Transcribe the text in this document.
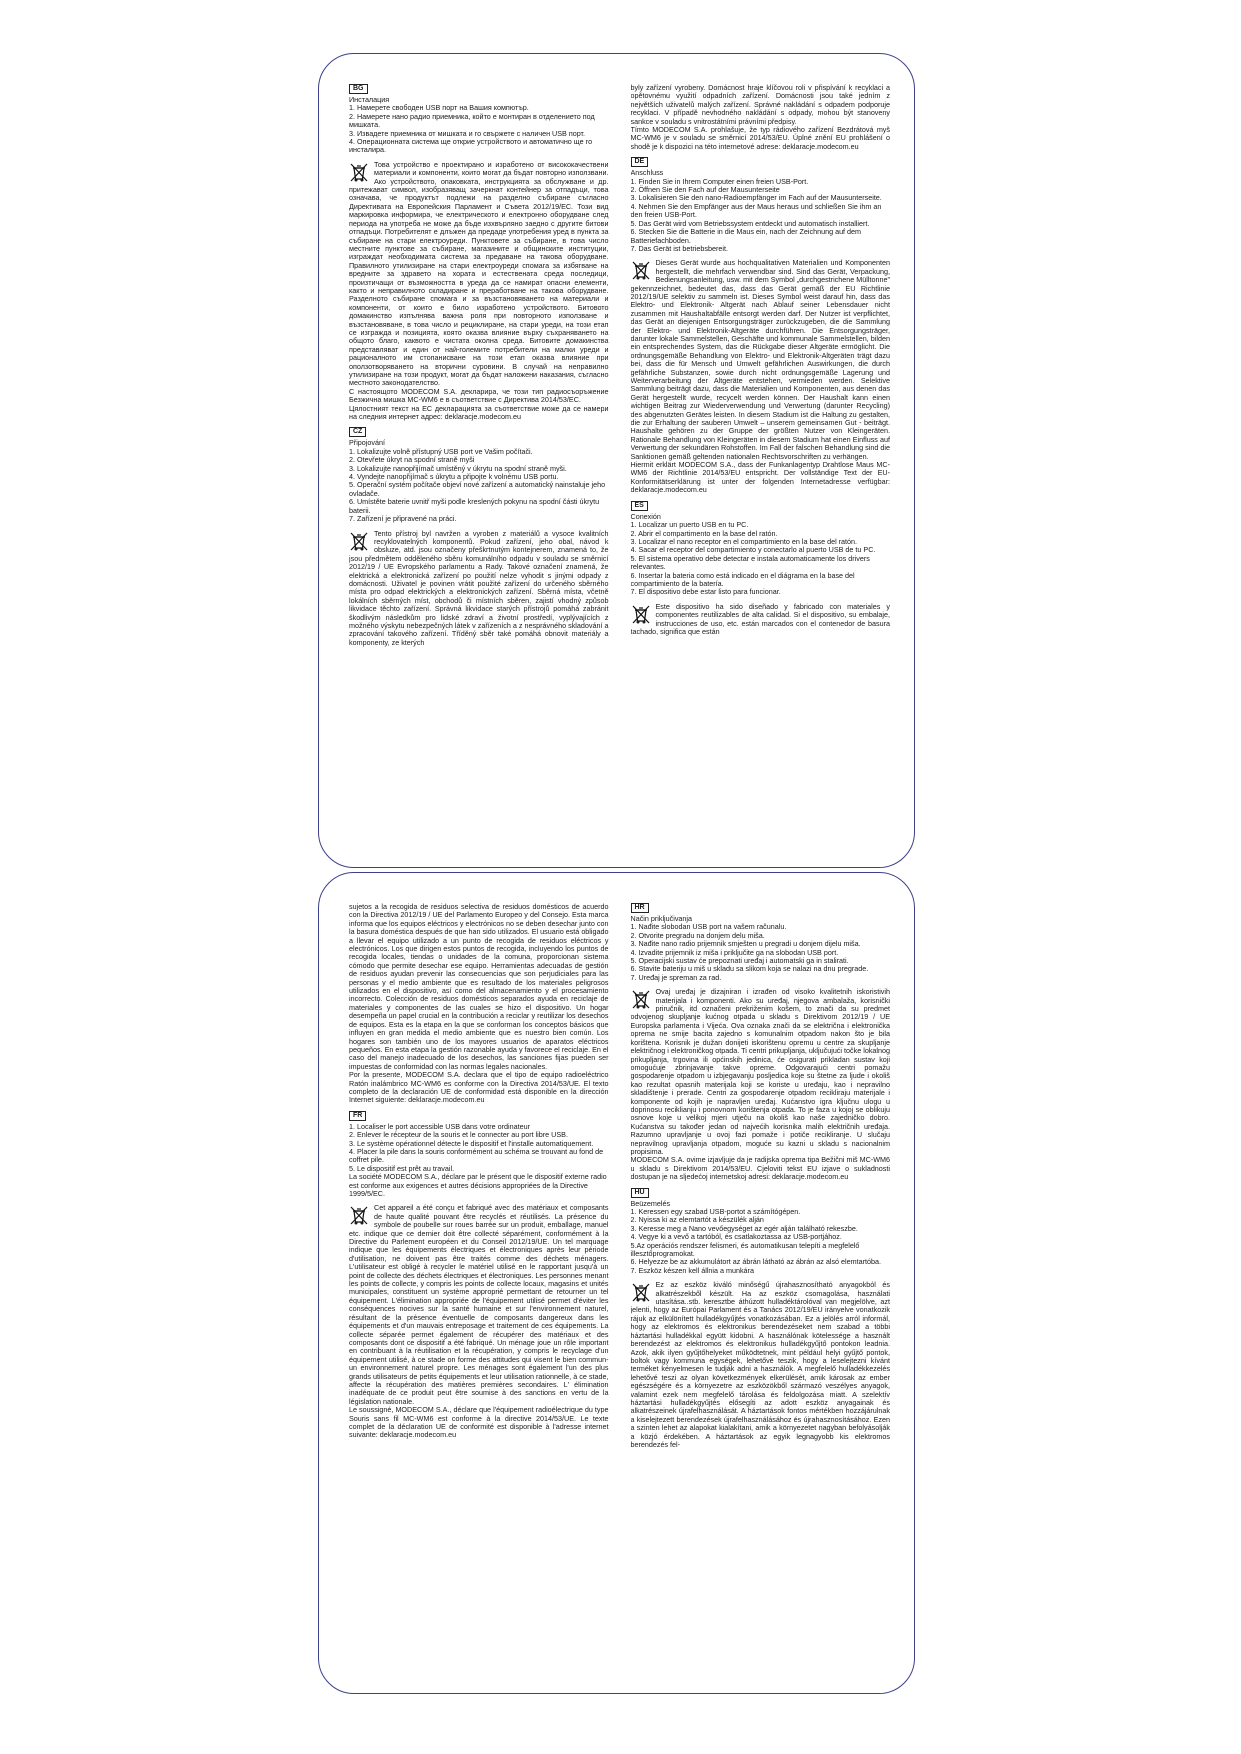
BG
Инсталация
1. Намерете свободен USB порт на Вашия компютър.
2. Намерете нано радио приемника, който е монтиран в отделението под мишката.
3. Извадете приемника от мишката и го свържете с наличен USB порт.
4. Операционната система ще открие устройството и автоматично ще го инсталира.

Това устройство е проектирано и изработено от висококачествени материали и компоненти, които могат да бъдат повторно използвани. Ако устройството, опаковката, инструкцията за обслужване и др. притежават символ, изобразяващ зачеркнат контейнер за отпадъци, това означава, че продуктът подлежи на разделно събиране съгласно Директивата на Европейския Парламент и Съвета 2012/19/EC. Този вид маркировка информира, че електрическото и електронно оборудване след периода на употреба не може да бъде изхвърляно заедно с другите битови отпадъци. Потребителят е длъжен да предаде употребения уред в пункта за събиране на стари електроуреди. Пунктовете за събиране, в това число местните пунктове за събиране, магазините и общинските институции, изграждат необходимата система за предаване на такова оборудване. Правилното утилизиране на стари електроуреди спомага за избягване на вредните за здравето на хората и естествената среда последици, произтичащи от възможността в уреда да се намират опасни елементи, както и неправилното складиране и преработване на такова оборудване. Разделното събиране спомага и за възстановяването на материали и компоненти, от които е било изработено устройството. Битовото домакинство изпълнява важна роля при повторното използване и възстановяване, в това число и рециклиране, на стари уреди, на този етап се изгражда и позицията, която оказва влияние върху съхраняването на общото благо, каквото е чистата околна среда. Битовите домакинства представляват и един от най-големите потребители на малки уреди и рационалното им стопанисване на този етап оказва влияние при оползотворяването на вторични суровини. В случай на неправилно утилизиране на този продукт, могат да бъдат наложени наказания, съгласно местното законодателство.
С настоящото MODECOM S.A. декларира, че този тип радиосъоръжение Безжична мишка MC-WM6 е в съответствие с Директива 2014/53/ЕС.
Цялостният текст на ЕС декларацията за съответствие може да се намери на следния интернет адрес: deklaracje.modecom.eu

CZ
Připojování
1. Lokalizujte volně přístupný USB port ve Vašim počítači.
2. Otevřete úkryt na spodní straně myši
3. Lokalizujte nanopřijímač umístěný v úkrytu na spodní straně myši.
4. Vyndejte nanopřijímač s úkrytu a připojte k volnému USB portu.
5. Operační systém počítače objeví nové zařízení a automatický nainstaluje jeho ovladače.
6. Umístěte baterie uvnitř myši podle kreslených pokynu na spodní části úkrytu baterii.
7. Zařízení je připravené na práci.

Tento přístroj byl navržen a vyroben z materiálů a vysoce kvalitních recyklovatelných komponentů. Pokud zařízení, jeho obal, návod k obsluze, atd. jsou označeny přeškrtnutým kontejnerem, znamená to, že jsou předmětem odděleného sběru komunálního odpadu v souladu se směrnicí 2012/19 / UE Evropského parlamentu a Rady. Takové označení znamená, že elektrická a elektronická zařízení po použití nelze vyhodit s jinými odpady z domácnosti. Uživatel je povinen vrátit použité zařízení do určeného sběrného místa pro odpad elektrických a elektronických zařízení. Sběrná místa, včetně lokálních sběrných míst, obchodů či místních sběren, zajistí vhodný způsob likvidace těchto zařízení. Správná likvidace starých přístrojů pomáhá zabránit škodlivým následkům pro lidské zdraví a životní prostředí, vyplývajících z možného výskytu nebezpečných látek v zařízeních a z nesprávného skladování a zpracování takového zařízení. Tříděný sběr také pomáhá obnovit materiály a komponenty, ze kterých

byly zařízení vyrobeny. Domácnost hraje klíčovou roli v přispívání k recyklaci a opětovnému využití odpadních zařízení. Domácnosti jsou také jedním z největších uživatelů malých zařízení. Správné nakládání s odpadem podporuje recyklaci. V případě nevhodného nakládání s odpady, mohou být stanoveny sankce v souladu s vnitrostátními právními předpisy.
Tímto MODECOM S.A. prohlašuje, že typ rádiového zařízení Bezdrátová myš MC-WM6 je v souladu se směrnicí 2014/53/EU. Úplné znění EU prohlášení o shodě je k dispozici na této internetové adrese: deklaracje.modecom.eu
DE
Anschluss
1. Finden Sie in Ihrem Computer einen freien USB-Port.
2. Öffnen Sie den Fach auf der Mausunterseite
3. Lokalisieren Sie den nano-Radioempfänger im Fach auf der Mausunterseite.
4. Nehmen Sie den Empfänger aus der Maus heraus und schließen Sie ihm an den freien USB-Port.
5. Das Gerät wird vom Betriebssystem entdeckt und automatisch installiert.
6. Stecken Sie die Batterie in die Maus ein, nach der Zeichnung auf dem Batteriefachboden.
7. Das Gerät ist betriebsbereit.

Dieses Gerät wurde aus hochqualitativen Materialien und Komponenten hergestellt, die mehrfach verwendbar sind. Sind das Gerät, Verpackung, Bedienungsanleitung, usw. mit dem Symbol „durchgestrichene Mülltonne" gekennzeichnet, bedeutet das, dass das Gerät gemäß der EU Richtlinie 2012/19/UE selektiv zu sammeln ist. Dieses Symbol weist darauf hin, dass das Elektro- und Elektronik- Altgerät nach Ablauf seiner Lebensdauer nicht zusammen mit Haushaltabfälle entsorgt werden darf. Der Nutzer ist verpflichtet, das Gerät an diejenigen Entsorgungsträger zurückzugeben, die die Sammlung der Elektro- und Elektronik-Altgeräte durchführen. Die Entsorgungsträger, darunter lokale Sammelstellen, Geschäfte und kommunale Sammelstellen, bilden ein entsprechendes System, das die Rückgabe dieser Altgeräte ermöglicht. Die ordnungsgemäße Behandlung von Elektro- und Elektronik-Altgeräten trägt dazu bei, dass die für Mensch und Umwelt gefährlichen Auswirkungen, die durch gefährliche Substanzen, sowie durch nicht ordnungsgemäße Lagerung und Weiterverarbeitung der Altgeräte entstehen, vermieden werden. Selektive Sammlung beiträgt dazu, dass die Materialien und Komponenten, aus denen das Gerät hergestellt wurde, recycelt werden können. Der Haushalt kann einen wichtigen Beitrag zur Wiederverwendung und Verwertung (darunter Recycling) des abgenutzten Gerätes leisten. In diesem Stadium ist die Haltung zu gestalten, die zur Erhaltung der sauberen Umwelt – unserem gemeinsamen Gut - beiträgt. Haushalte gehören zu der Gruppe der größten Nutzer von Kleingeräten. Rationale Behandlung von Kleingeräten in diesem Stadium hat einen Einfluss auf Verwertung der sekundären Rohstoffen. Im Fall der falschen Behandlung sind die Sanktionen gemäß geltenden nationalen Rechtsvorschriften zu verhängen.
Hiermit erklärt MODECOM S.A., dass der Funkanlagentyp Drahtlose Maus MC-WM6 der Richtlinie 2014/53/EU entspricht. Der vollständige Text der EU-Konformitätserklärung ist unter der folgenden Internetadresse verfügbar: deklaracje.modecom.eu

ES
Conexión
1. Localizar un puerto USB en tu PC.
2. Abrir el compartimento en la base del ratón.
3. Localizar el nano receptor en el compartimiento en la base del ratón.
4. Sacar el receptor del compartimiento y conectarlo al puerto USB de tu PC.
5. El sistema operativo debe detectar e instala automaticamente los drivers relevantes.
6. Insertar la bateria como está indicado en el diágrama en la base del compartimiento de la batería.
7. El dispositivo debe estar listo para funcionar.

Este dispositivo ha sido diseñado y fabricado con materiales y componentes reutilizables de alta calidad. Si el dispositivo, su embalaje, instrucciones de uso, etc. están marcados con el contenedor de basura tachado, significa que están

sujetos a la recogida de residuos selectiva de residuos domésticos de acuerdo con la Directiva 2012/19 / UE del Parlamento Europeo y del Consejo. Esta marca informa que los equipos eléctricos y electrónicos no se deben desechar junto con la basura doméstica después de que han sido utilizados. El usuario está obligado a llevar el equipo utilizado a un punto de recogida de residuos eléctricos y electrónicos. Los que dirigen estos puntos de recogida, incluyendo los puntos de recogida locales, tiendas o unidades de la comuna, proporcionan sistema cómodo que permite desechar ese equipo. Herramientas adecuadas de gestión de residuos ayudan prevenir las consecuencias que son perjudiciales para las personas y el medio ambiente que es resultado de los materiales peligrosos utilizados en el dispositivo, así como del almacenamiento y el procesamiento incorrecto. Colección de residuos domésticos separados ayuda en reciclaje de materiales y componentes de las cuales se hizo el dispositivo. Un hogar desempeña un papel crucial en la contribución a reciclar y reutilizar los desechos de equipos. Esta es la etapa en la que se conforman los conceptos básicos que influyen en gran medida el medio ambiente que es nuestro bien común. Los hogares son también uno de los mayores usuarios de aparatos eléctricos pequeños. En esta etapa la gestión razonable ayuda y favorece el reciclaje. En el caso del manejo inadecuado de los desechos, las sanciones fijas pueden ser impuestas de conformidad con las normas legales nacionales.
Por la presente, MODECOM S.A. declara que el tipo de equipo radioeléctrico Ratón inalámbrico MC-WM6 es conforme con la Directiva 2014/53/UE. El texto completo de la declaración UE de conformidad está disponible en la dirección Internet siguiente: deklaracje.modecom.eu
FR
1. Localiser le port accessible USB dans votre ordinateur
2. Enlever le récepteur de la souris et le connecter au port libre USB.
3. Le système opérationnel détecte le dispositif et l'installe automatiquement.
4. Placer la pile dans la souris conformément au schéma se trouvant au fond de coffret pile.
5. Le dispositif est prêt au travail.
La société MODECOM S.A., déclare par le présent que le dispositif externe radio est conforme aux exigences et autres décisions appropriées de la Directive 1999/5/EC.

Cet appareil a été conçu et fabriqué avec des matériaux et composants de haute qualité pouvant être recyclés et réutilisés. La présence du symbole de poubelle sur roues barrée sur un produit, emballage, manuel etc. indique que ce dernier doit être collecté séparément, conformément à la Directive du Parlement européen et du Conseil 2012/19/UE. Un tel marquage indique que les équipements électriques et électroniques après leur période d'utilisation, ne doivent pas être traités comme des déchets ménagers. L'utilisateur est obligé à recycler le matériel utilisé en le rapportant jusqu'à un point de collecte des déchets électriques et électroniques. Les personnes menant les points de collecte, y compris les points de collecte locaux, magasins et unités municipales, constituent un système approprié permettant de retourner un tel équipement. L'élimination appropriée de l'équipement utilisé permet d'éviter les conséquences nocives sur la santé humaine et sur l'environnement naturel, résultant de la présence éventuelle de composants dangereux dans les équipements et d'un mauvais entreposage et traitement de ces équipements. La collecte séparée permet également de récupérer des matériaux et des composants dont ce dispositif a été fabriqué. Un ménage joue un rôle important en contribuant à la réutilisation et la récupération, y compris le recyclage d'un équipement utilisé, à ce stade on forme des attitudes qui visent le bien commun- un environnement naturel propre. Les ménages sont également l'un des plus grands utilisateurs de petits équipements et leur utilisation rationnelle, à ce stade, affecte la récupération des matières premières secondaires. L' élimination inadéquate de ce produit peut être soumise à des sanctions en vertu de la législation nationale.
Le soussigné, MODECOM S.A., déclare que l'équipement radioélectrique du type Souris sans fil MC-WM6 est conforme à la directive 2014/53/UE. Le texte complet de la déclaration UE de conformité est disponible à l'adresse internet suivante: deklaracje.modecom.eu

HR
Način priključivanja
1. Nađite slobodan USB port na vašem računalu.
2. Otvorite pregradu na donjem delu miša.
3. Nađite nano radio prijemnik smješten u pregradi u donjem dijelu miša.
4. Izvadite prijemnik iz miša i priključite ga na slobodan USB port.
5. Operacijski sustav će prepoznati uređaj i automatski ga in stalirati.
6. Stavite bateriju u miš u skladu sa slikom koja se nalazi na dnu pregrade.
7. Uređaj je spreman za rad.

Ovaj uređaj je dizajniran i izrađen od visoko kvalitetnih iskoristivih materijala i komponenti. Ako su uređaj, njegova ambalaža, korisnički priručnik, itd označeni prekriženim košem, to znači da su predmet odvojenog skupljanje kućnog otpada u skladu s Direktivom 2012/19 / UE Europska parlamenta i Vijeća. Ova oznaka znači da se električna i elektronička oprema ne smije bacita zajedno s komunalnim otpadom nakon što je bila korištena. Korisnik je dužan donijeti iskorištenu opremu u centre za skupljanje električnog i elektroničkog otpada. Ti centri prikupljanja, uključujući točke lokalnog prikupljanja, trgovina ili općinskih jedinica, će osigurati prikladan sustav koji omogućuje zbrinjavanje takve opreme. Odgovarajući centri pomažu gospodarenje otpadom u izbjegavanju posljedica koje su štetne za ljude i okoliš kao rezultat opasnih materijala koji se koriste u uređaju, kao i nepravilno skladištenje i prerade. Centri za gospodarenje otpadom recikliraju materijale i komponente od kojih je napravljen uređaj. Kućanstvo igra ključnu ulogu u doprinosu reciklianju i ponovnom korištenja otpada. To je faza u kojoj se oblikuju osnove koje u velikoj mjeri utječu na okoliš kao naše zajedničko dobro. Kućanstva su također jedan od najvećih korisnika malih električnih uređaja. Razumno upravljanje u ovoj fazi pomaže i potiče recikliranje. U slučaju nepravilnog upravljanja otpadom, moguće su kazni u skladu s nacionalnim propisima.
MODECOM S.A. ovime izjavljuje da je radijska oprema tipa Bežični miš MC-WM6 u skladu s Direktivom 2014/53/EU. Cjeloviti tekst EU izjave o sukladnosti dostupan je na sljedećoj internetskoj adresi: deklaracje.modecom.eu

HU
Beüzemelés
1. Keressen egy szabad USB-portot a számítógépen.
2. Nyissa ki az elemtartót a készülék alján
3. Keresse meg a Nano vevőegységet az egér alján található rekeszbe.
4. Vegye ki a vevő a tartóból, és csatlakoztassa az USB-portjához.
5.Az operációs rendszer felismeri, és automatikusan telepíti a megfelelő illesztőprogramokat.
6. Helyezze be az akkumulátort az ábrán látható az ábrán az alsó elemtartóba.
7. Eszköz készen kell állnia a munkára

Ez az eszköz kiváló minőségű újrahasznosítható anyagokból és alkatrészekből készült. Ha az eszköz csomagolása, használati utasítása..stb. keresztbe áthúzott hulladéktárolóval van megjelölve, azt jelenti, hogy az Európai Parlament és a Tanács 2012/19/EU irányelve vonatkozik rájuk az elkülönített hulladékgyűjtés vonatkozásában. Ez a jelölés arról informál, hogy az elektromos és elektronikus berendezéseket nem szabad a többi háztartási hulladékkal együtt kidobni. A használónak kötelessége a használt berendezést az elektromos és elektronikus hulladékgyűjtő pontokon leadnia. Azok, akik ilyen gyűjtőhelyeket működtetnek, mint például helyi gyűjtő pontok, boltok vagy kommuna egységek, lehetővé teszik, hogy a leselejtezni kívánt terméket kényelmesen le tudják adni a használók. A megfelelő hulladékkezelés lehetővé teszi az olyan következmények elkerülését, amik károsak az ember egészségére és a környezetre az eszközökből származó veszélyes anyagok, valamint ezek nem megfelelő tárolása és feldolgozása miatt. A szelektív háztartási hulladékgyűjtés elősegíti az adott eszköz anyagainak és alkatrészeinek újrafelhasználását. A háztartások fontos mértékben hozzájárulnak a kiselejtezett berendezések újrafelhasználásához és újrahasznosításához. Ezen a szinten lehet az alapokat kialakítani, amik a környezetet nagyban befolyásolják a közjó érdekében. A háztartások az egyik legnagyobb kis elektromos berendezés fel-
